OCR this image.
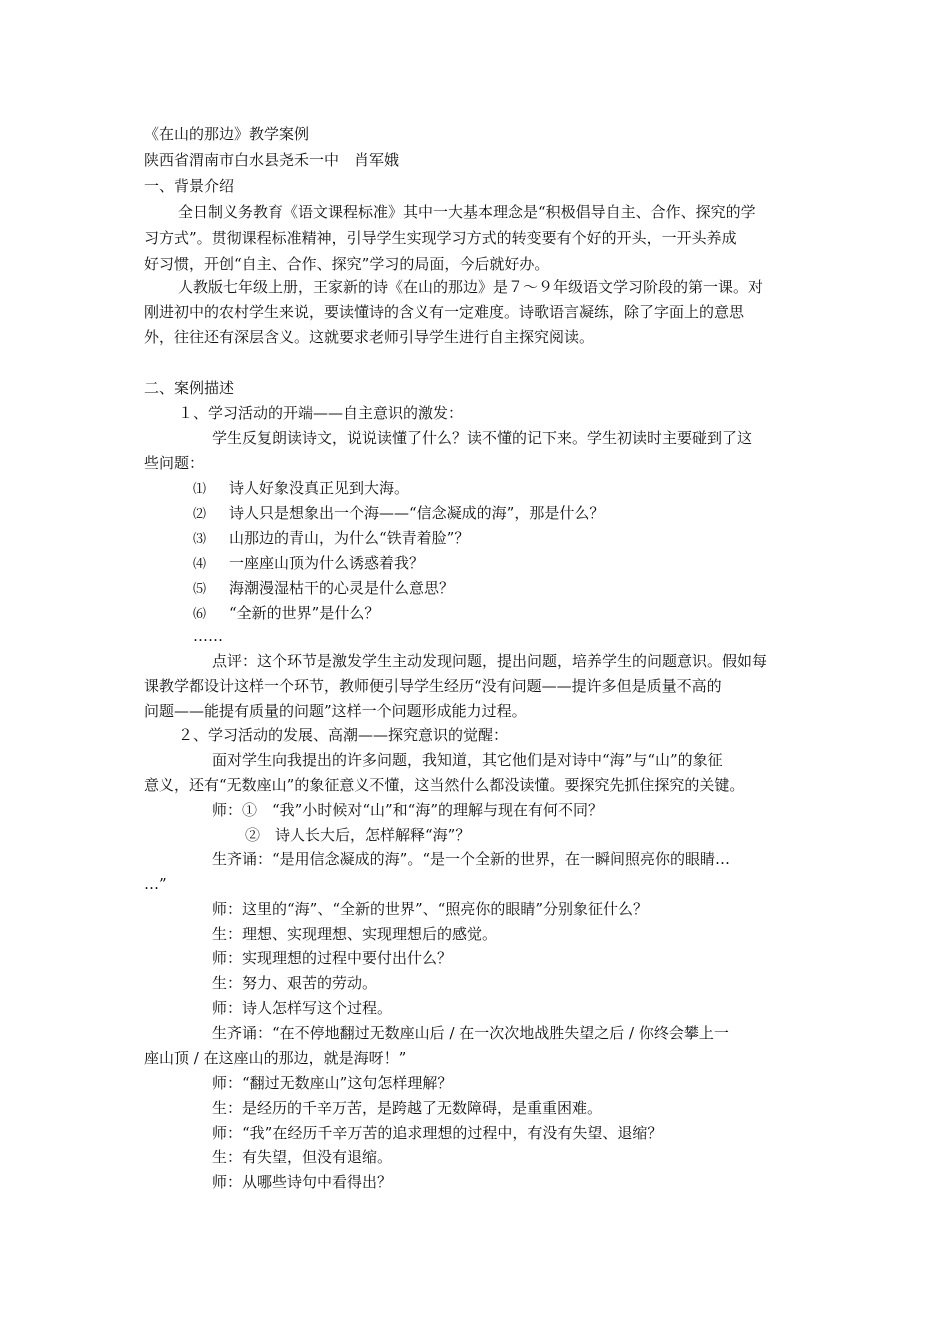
《在山的那边》教学案例
陕西省渭南市白水县尧禾一中　肖军娥
一、背景介绍
全日制义务教育《语文课程标准》其中一大基本理念是“积极倡导自主、合作、探究的学
习方式”。贯彻课程标准精神，引导学生实现学习方式的转变要有个好的开头，一开头养成
好习惯，开创“自主、合作、探究”学习的局面，今后就好办。
人教版七年级上册，王家新的诗《在山的那边》是７～９年级语文学习阶段的第一课。对
刚进初中的农村学生来说，要读懂诗的含义有一定难度。诗歌语言凝练，除了字面上的意思
外，往往还有深层含义。这就要求老师引导学生进行自主探究阅读。
二、案例描述
１、学习活动的开端——自主意识的激发：
学生反复朗读诗文，说说读懂了什么？读不懂的记下来。学生初读时主要碰到了这
些问题：
⑴ 诗人好象没真正见到大海。
⑵ 诗人只是想象出一个海——“信念凝成的海”，那是什么？
⑶ 山那边的青山，为什么“铁青着脸”？
⑷ 一座座山顶为什么诱惑着我？
⑸ 海潮漫湿枯干的心灵是什么意思？
⑹ “全新的世界”是什么？
……
点评：这个环节是激发学生主动发现问题，提出问题，培养学生的问题意识。假如每
课教学都设计这样一个环节，教师便引导学生经历“没有问题——提许多但是质量不高的
问题——能提有质量的问题”这样一个问题形成能力过程。
２、学习活动的发展、高潮——探究意识的觉醒：
面对学生向我提出的许多问题，我知道，其它他们是对诗中“海”与“山”的象征
意义，还有“无数座山”的象征意义不懂，这当然什么都没读懂。要探究先抓住探究的关键。
师：①　“我”小时候对“山”和“海”的理解与现在有何不同？
②　诗人长大后，怎样解释“海”？
生齐诵：“是用信念凝成的海”。“是一个全新的世界，在一瞬间照亮你的眼睛…
…”
师：这里的“海”、“全新的世界”、“照亮你的眼睛”分别象征什么？
生：理想、实现理想、实现理想后的感觉。
师：实现理想的过程中要付出什么？
生：努力、艰苦的劳动。
师：诗人怎样写这个过程。
生齐诵：“在不停地翻过无数座山后 / 在一次次地战胜失望之后 / 你终会攀上一
座山顶 / 在这座山的那边，就是海呀！”
师：“翻过无数座山”这句怎样理解？
生：是经历的千辛万苦，是跨越了无数障碍，是重重困难。
师：“我”在经历千辛万苦的追求理想的过程中，有没有失望、退缩？
生：有失望，但没有退缩。
师：从哪些诗句中看得出？
